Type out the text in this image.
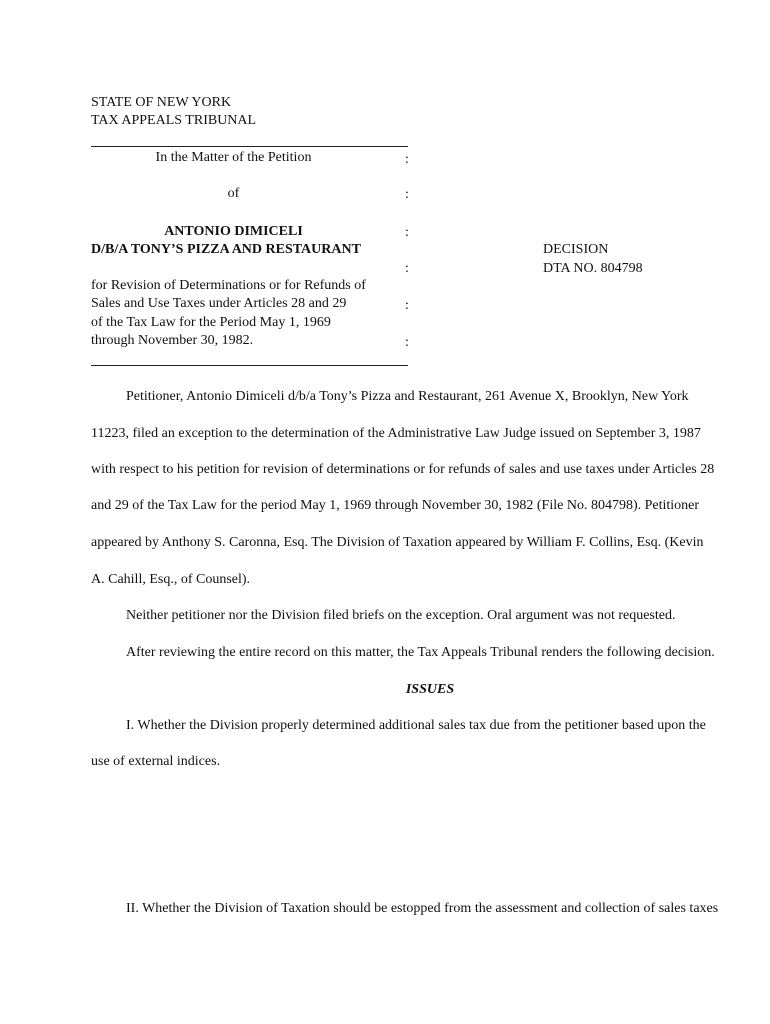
STATE OF NEW YORK
TAX APPEALS TRIBUNAL
In the Matter of the Petition	:
of	:
ANTONIO DIMICELI	:
D/B/A TONY’S PIZZA AND RESTAURANT
:
for Revision of Determinations or for Refunds of
Sales and Use Taxes under Articles 28 and 29	:
of the Tax Law for the Period May 1, 1969
through November 30, 1982.	:
DECISION
DTA NO. 804798
Petitioner, Antonio Dimiceli d/b/a Tony’s Pizza and Restaurant, 261 Avenue X, Brooklyn, New York
11223, filed an exception to the determination of the Administrative Law Judge issued on September 3, 1987
with respect to his petition for revision of determinations or for refunds of sales and use taxes under Articles 28
and 29 of the Tax Law for the period May 1, 1969 through November 30, 1982 (File No. 804798). Petitioner
appeared by Anthony S. Caronna, Esq. The Division of Taxation appeared by William F. Collins, Esq. (Kevin
A. Cahill, Esq., of Counsel).
Neither petitioner nor the Division filed briefs on the exception. Oral argument was not requested.
After reviewing the entire record on this matter, the Tax Appeals Tribunal renders the following decision.
ISSUES
I. Whether the Division properly determined additional sales tax due from the petitioner based upon the
use of external indices.
II. Whether the Division of Taxation should be estopped from the assessment and collection of sales taxes
